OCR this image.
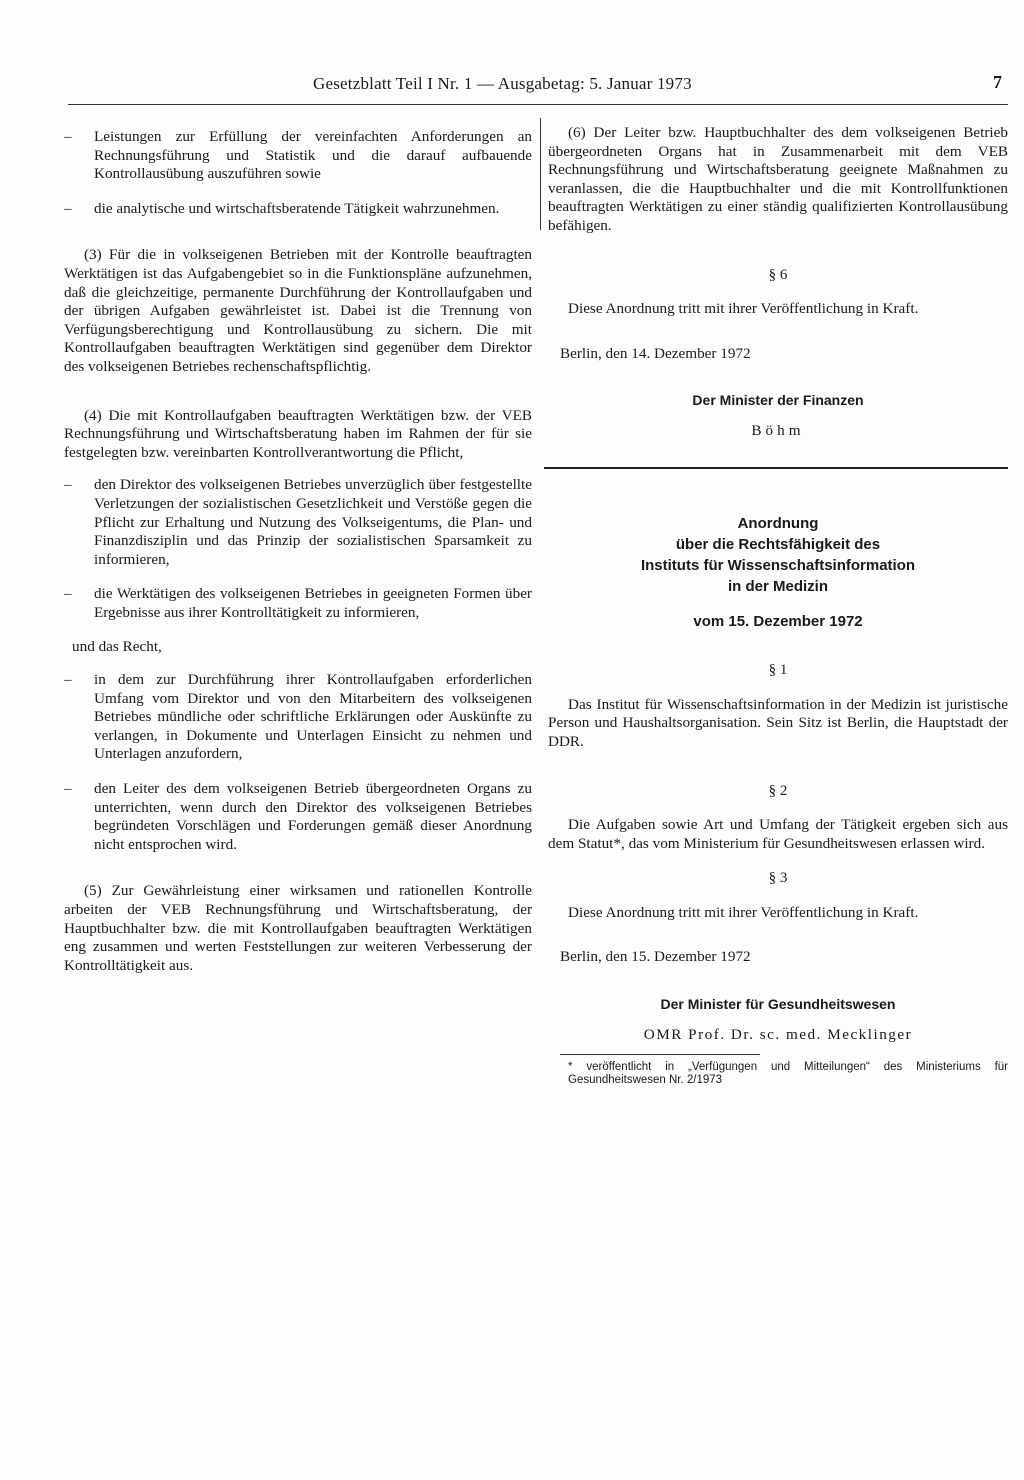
Gesetzblatt Teil I Nr. 1 — Ausgabetag: 5. Januar 1973	7
– Leistungen zur Erfüllung der vereinfachten Anforderungen an Rechnungsführung und Statistik und die darauf aufbauende Kontrollausübung auszuführen sowie
– die analytische und wirtschaftsberatende Tätigkeit wahrzunehmen.

(3) Für die in volkseigenen Betrieben mit der Kontrolle beauftragten Werktätigen ist das Aufgabengebiet so in die Funktionspläne aufzunehmen, daß die gleichzeitige, permanente Durchführung der Kontrollaufgaben und der übrigen Aufgaben gewährleistet ist. Dabei ist die Trennung von Verfügungsberechtigung und Kontrollausübung zu sichern. Die mit Kontrollaufgaben beauftragten Werktätigen sind gegenüber dem Direktor des volkseigenen Betriebes rechenschaftspflichtig.

(4) Die mit Kontrollaufgaben beauftragten Werktätigen bzw. der VEB Rechnungsführung und Wirtschaftsberatung haben im Rahmen der für sie festgelegten bzw. vereinbarten Kontrollverantwortung die Pflicht,

– den Direktor des volkseigenen Betriebes unverzüglich über festgestellte Verletzungen der sozialistischen Gesetzlichkeit und Verstöße gegen die Pflicht zur Erhaltung und Nutzung des Volkseigentums, die Plan- und Finanzdisziplin und das Prinzip der sozialistischen Sparsamkeit zu informieren,
– die Werktätigen des volkseigenen Betriebes in geeigneten Formen über Ergebnisse aus ihrer Kontrolltätigkeit zu informieren,

und das Recht,

– in dem zur Durchführung ihrer Kontrollaufgaben erforderlichen Umfang vom Direktor und von den Mitarbeitern des volkseigenen Betriebes mündliche oder schriftliche Erklärungen oder Auskünfte zu verlangen, in Dokumente und Unterlagen Einsicht zu nehmen und Unterlagen anzufordern,
– den Leiter des dem volkseigenen Betrieb übergeordneten Organs zu unterrichten, wenn durch den Direktor des volkseigenen Betriebes begründeten Vorschlägen und Forderungen gemäß dieser Anordnung nicht entsprochen wird.

(5) Zur Gewährleistung einer wirksamen und rationellen Kontrolle arbeiten der VEB Rechnungsführung und Wirtschaftsberatung, der Hauptbuchhalter bzw. die mit Kontrollaufgaben beauftragten Werktätigen eng zusammen und werten Feststellungen zur weiteren Verbesserung der Kontrolltätigkeit aus.

(6) Der Leiter bzw. Hauptbuchhalter des dem volkseigenen Betrieb übergeordneten Organs hat in Zusammenarbeit mit dem VEB Rechnungsführung und Wirtschaftsberatung geeignete Maßnahmen zu veranlassen, die die Hauptbuchhalter und die mit Kontrollfunktionen beauftragten Werktätigen zu einer ständig qualifizierten Kontrollausübung befähigen.

§ 6

Diese Anordnung tritt mit ihrer Veröffentlichung in Kraft.

Berlin, den 14. Dezember 1972

Der Minister der Finanzen

Böhm

Anordnung
über die Rechtsfähigkeit des
Instituts für Wissenschaftsinformation
in der Medizin

vom 15. Dezember 1972

§ 1

Das Institut für Wissenschaftsinformation in der Medizin ist juristische Person und Haushaltsorganisation. Sein Sitz ist Berlin, die Hauptstadt der DDR.

§ 2

Die Aufgaben sowie Art und Umfang der Tätigkeit ergeben sich aus dem Statut*, das vom Ministerium für Gesundheitswesen erlassen wird.

§ 3

Diese Anordnung tritt mit ihrer Veröffentlichung in Kraft.

Berlin, den 15. Dezember 1972

Der Minister für Gesundheitswesen

OMR Prof. Dr. sc. med. Mecklinger

* veröffentlicht in „Verfügungen und Mitteilungen“ des Ministeriums für Gesundheitswesen Nr. 2/1973
